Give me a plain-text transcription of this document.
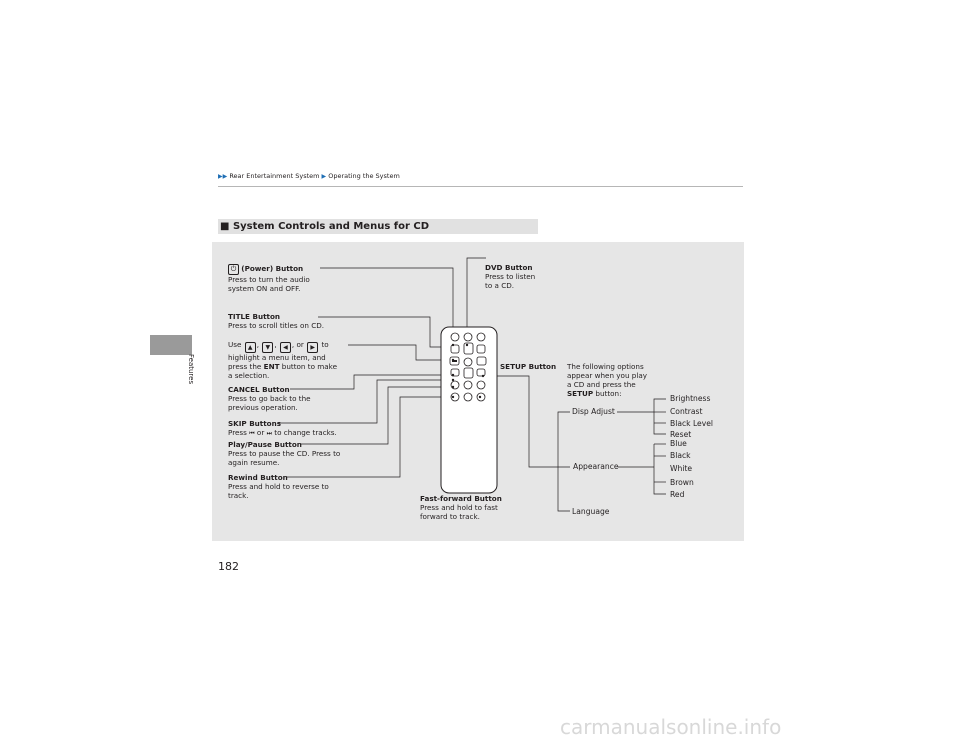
▶▶ Rear Entertainment System ▶ Operating the System
Features
■ System Controls and Menus for CD
⏻ (Power) Button
Press to turn the audio
system ON and OFF.
DVD Button
Press to listen
to a CD.
TITLE Button
Press to scroll titles on CD.
Use ▲ , ▼ , ◀ , or ▶ to
highlight a menu item, and
press the ENT button to make
a selection.
CANCEL Button
Press to go back to the
previous operation.
SKIP Buttons
Press ⏮ or ⏭ to change tracks.
Play/Pause Button
Press to pause the CD. Press to
again resume.
Rewind Button
Press and hold to reverse to
track.	Fast-forward Button
Press and hold to fast
forward to track.
SETUP Button The following options
appear when you play
a CD and press the
SETUP button:
Disp Adjust
Appearance
Language
Brightness
Contrast
Black Level
Reset
Blue
Black
White
Brown
Red
182
carmanualsonline.info
